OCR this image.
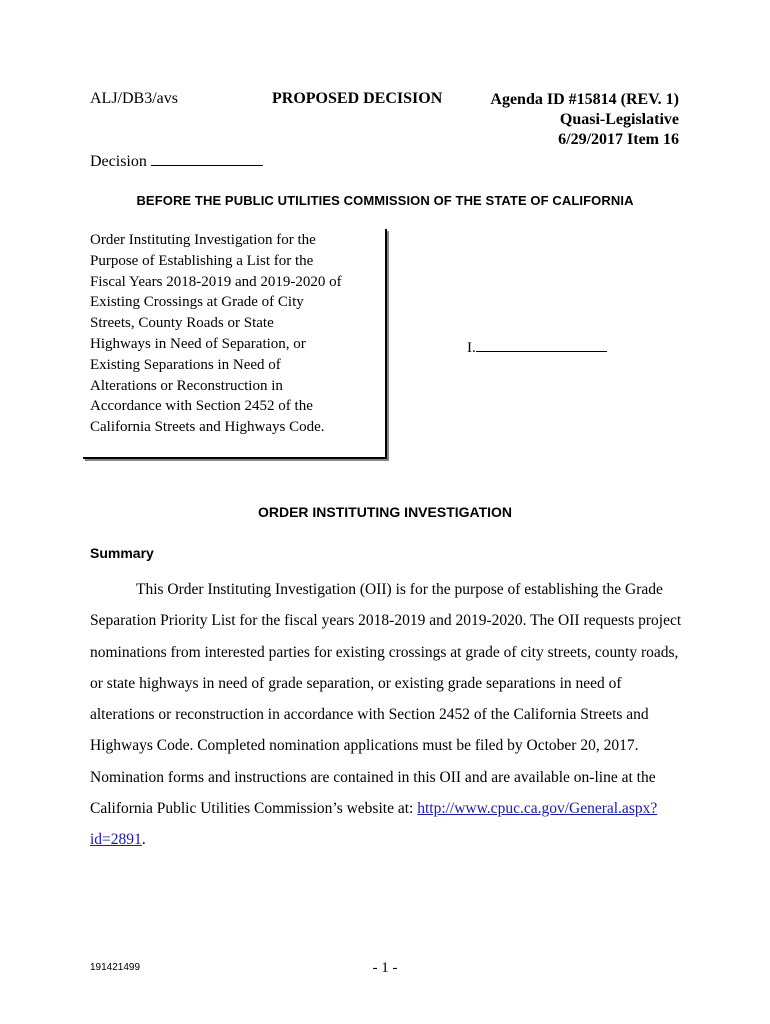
ALJ/DB3/avs	PROPOSED DECISION	Agenda ID #15814 (REV. 1)
Quasi-Legislative
6/29/2017 Item 16
Decision
BEFORE THE PUBLIC UTILITIES COMMISSION OF THE STATE OF CALIFORNIA
Order Instituting Investigation for the
Purpose of Establishing a List for the
Fiscal Years 2018-2019 and 2019-2020 of
Existing Crossings at Grade of City
Streets, County Roads or State
Highways in Need of Separation, or
Existing Separations in Need of
Alterations or Reconstruction in
Accordance with Section 2452 of the
California Streets and Highways Code.
I.
ORDER INSTITUTING INVESTIGATION
Summary
This Order Instituting Investigation (OII) is for the purpose of establishing the Grade Separation Priority List for the fiscal years 2018-2019 and 2019-2020. The OII requests project nominations from interested parties for existing crossings at grade of city streets, county roads, or state highways in need of grade separation, or existing grade separations in need of alterations or reconstruction in accordance with Section 2452 of the California Streets and Highways Code. Completed nomination applications must be filed by October 20, 2017. Nomination forms and instructions are contained in this OII and are available on-line at the California Public Utilities Commission’s website at: http://www.cpuc.ca.gov/General.aspx?id=2891.
191421499	- 1 -
